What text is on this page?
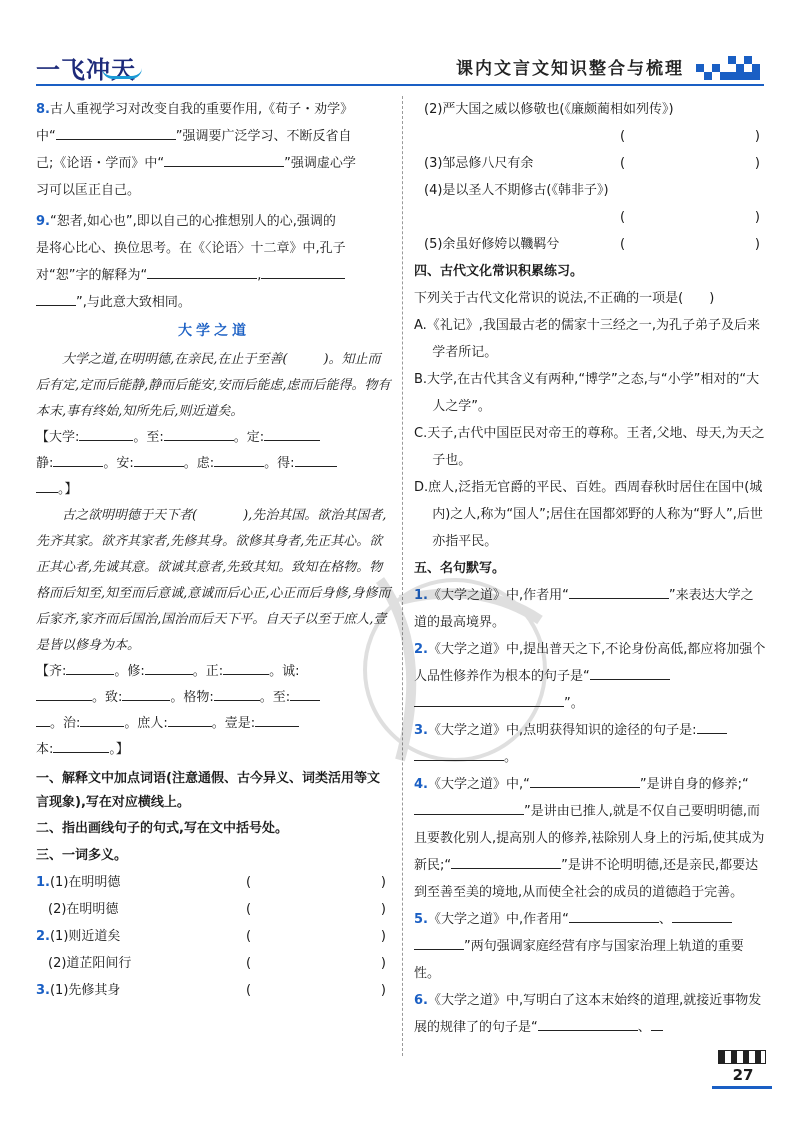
一飞冲天	课内文言文知识整合与梳理

8.古人重视学习对改变自我的重要作用,《荀子・劝学》
中“	”强调要广泛学习、不断反省自
己;《论语・学而》中“	”强调虚心学
习可以匡正自己。

9.“恕者,如心也”,即以自己的心推想别人的心,强调的
是将心比心、换位思考。在《〈论语〉十二章》中,孔子
对“恕”字的解释为“	,
”,与此意大致相同。

大学之道

大学之道,在明明德,在亲民,在止于至善(	)。知止而后有定,定而后能静,静而后能安,安而后能虑,虑而后能得。物有本末,事有终始,知所先后,则近道矣。

【大学:	。至:	。定:
静:	。安:	。虑:	。得:
。】

古之欲明明德于天下者(	),先治其国。欲治其国者,先齐其家。欲齐其家者,先修其身。欲修其身者,先正其心。欲正其心者,先诚其意。欲诚其意者,先致其知。致知在格物。物格而后知至,知至而后意诚,意诚而后心正,心正而后身修,身修而后家齐,家齐而后国治,国治而后天下平。自天子以至于庶人,壹是皆以修身为本。

【齐:	。修:	。正:	。诚:
。致:	。格物:	。至:
。治:	。庶人:	。壹是:
本:	。】

一、解释文中加点词语(注意通假、古今异义、词类活用等文言现象),写在对应横线上。

二、指出画线句子的句式,写在文中括号处。

三、一词多义。

1.(1)在明明德	(	)
(2)在明明德	(	)
2.(1)则近道矣	(	)
(2)道芷阳间行	(	)
3.(1)先修其身	(	)

(2)严大国之威以修敬也(《廉颇蔺相如列传》)

(	)
(3)邹忌修八尺有余	(	)

(4)是以圣人不期修古(《韩非子》)

(	)
(5)余虽好修姱以鞿羁兮	(	)

四、古代文化常识积累练习。

下列关于古代文化常识的说法,不正确的一项是(　　)

A.《礼记》,我国最古老的儒家十三经之一,为孔子弟子及后来学者所记。

B.大学,在古代其含义有两种,“博学”之态,与“小学”相对的“大人之学”。

C.天子,古代中国臣民对帝王的尊称。王者,父地、母天,为天之子也。

D.庶人,泛指无官爵的平民、百姓。西周春秋时居住在国中(城内)之人,称为“国人”;居住在国都郊野的人称为“野人”,后世亦指平民。

五、名句默写。

1.《大学之道》中,作者用“	”来表达大学之道的最高境界。

2.《大学之道》中,提出普天之下,不论身份高低,都应将加强个人品性修养作为根本的句子是“
”。

3.《大学之道》中,点明获得知识的途径的句子是:
。

4.《大学之道》中,“	”是讲自身的修养;“”是讲由已推人,就是不仅自己要明明德,而且要教化别人,提高别人的修养,袪除别人身上的污垢,使其成为新民;“	”是讲不论明明德,还是亲民,都要达到至善至美的境地,从而使全社会的成员的道德趋于完善。

5.《大学之道》中,作者用“	、
”两句强调家庭经营有序与国家治理上轨道的重要性。

6.《大学之道》中,写明白了这本末始终的道理,就接近事物发展的规律了的句子是“	、

27
